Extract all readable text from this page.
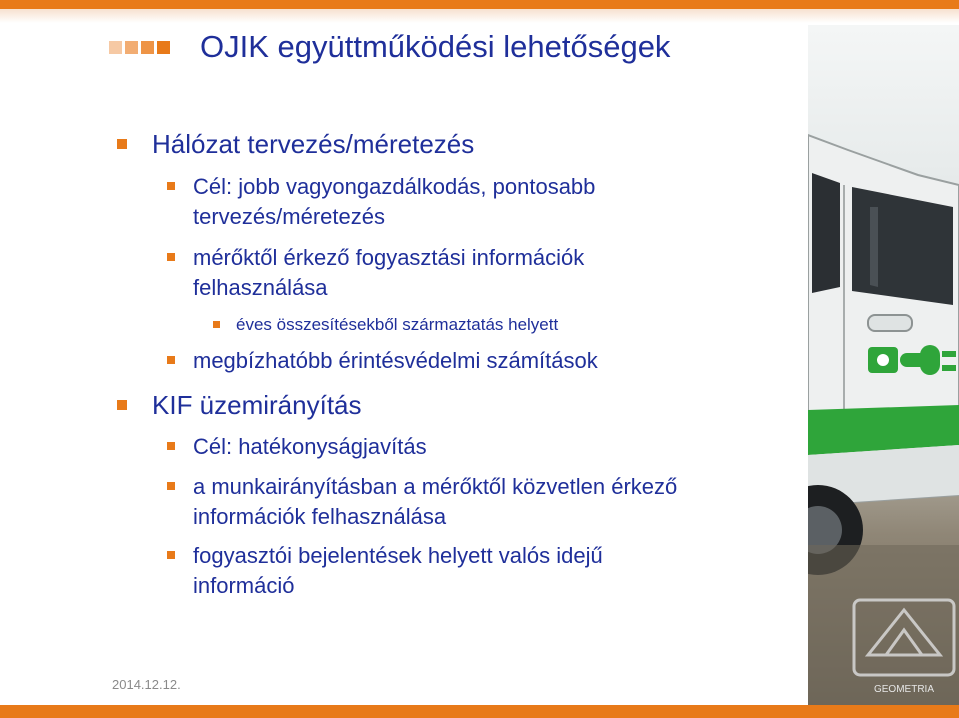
OJIK együttműködési lehetőségek
Hálózat tervezés/méretezés
Cél: jobb vagyongazdálkodás, pontosabb
tervezés/méretezés
mérőktől érkező fogyasztási információk
felhasználása
éves összesítésekből származtatás helyett
megbízhatóbb érintésvédelmi számítások
KIF üzemirányítás
Cél: hatékonyságjavítás
a munkairányításban a mérőktől közvetlen érkező
információk felhasználása
fogyasztói bejelentések helyett valós idejű
információ
GEOMETRIA
2014.12.12.
